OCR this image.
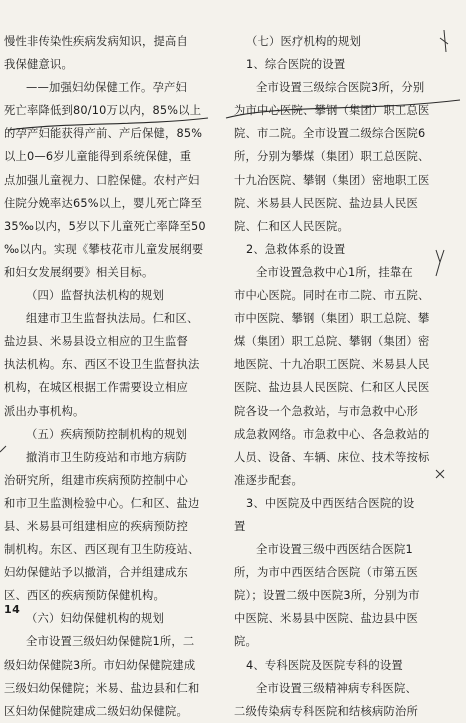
慢性非传染性疾病发病知识，提高自
我保健意识。
——加强妇幼保健工作。孕产妇
死亡率降低到80/10万以内，85%以上
的孕产妇能获得产前、产后保健，85%
以上0—6岁儿童能得到系统保健，重
点加强儿童视力、口腔保健。农村产妇
住院分娩率达65%以上，婴儿死亡降至
35‰以内，5岁以下儿童死亡率降至50
‰以内。实现《攀枝花市儿童发展纲要
和妇女发展纲要》相关目标。
（四）监督执法机构的规划
组建市卫生监督执法局。仁和区、
盐边县、米易县设立相应的卫生监督
执法机构。东、西区不设卫生监督执法
机构，在城区根据工作需要设立相应
派出办事机构。
（五）疾病预防控制机构的规划
撤消市卫生防疫站和市地方病防
治研究所，组建市疾病预防控制中心
和市卫生监测检验中心。仁和区、盐边
县、米易县可组建相应的疾病预防控
制机构。东区、西区现有卫生防疫站、
妇幼保健站予以撤消，合并组建成东
区、西区的疾病预防保健机构。
（六）妇幼保健机构的规划
全市设置三级妇幼保健院1所，二
级妇幼保健院3所。市妇幼保健院建成
三级妇幼保健院；米易、盐边县和仁和
区妇幼保健院建成二级妇幼保健院。
（七）医疗机构的规划
1、综合医院的设置
全市设置三级综合医院3所，分别
为市中心医院、攀钢（集团）职工总医
院、市二院。全市设置二级综合医院6
所，分别为攀煤（集团）职工总医院、
十九冶医院、攀钢（集团）密地职工医
院、米易县人民医院、盐边县人民医
院、仁和区人民医院。
2、急救体系的设置
全市设置急救中心1所，挂靠在
市中心医院。同时在市二院、市五院、
市中医院、攀钢（集团）职工总院、攀
煤（集团）职工总院、攀钢（集团）密
地医院、十九冶职工医院、米易县人民
医院、盐边县人民医院、仁和区人民医
院各设一个急救站，与市急救中心形
成急救网络。市急救中心、各急救站的
人员、设备、车辆、床位、技术等按标
准逐步配套。
3、中医院及中西医结合医院的设
置
全市设置三级中西医结合医院1
所，为市中西医结合医院（市第五医
院）；设置二级中医院3所，分别为市
中医院、米易县中医院、盐边县中医
院。
4、专科医院及医院专科的设置
全市设置三级精神病专科医院、
二级传染病专科医院和结核病防治所
14
